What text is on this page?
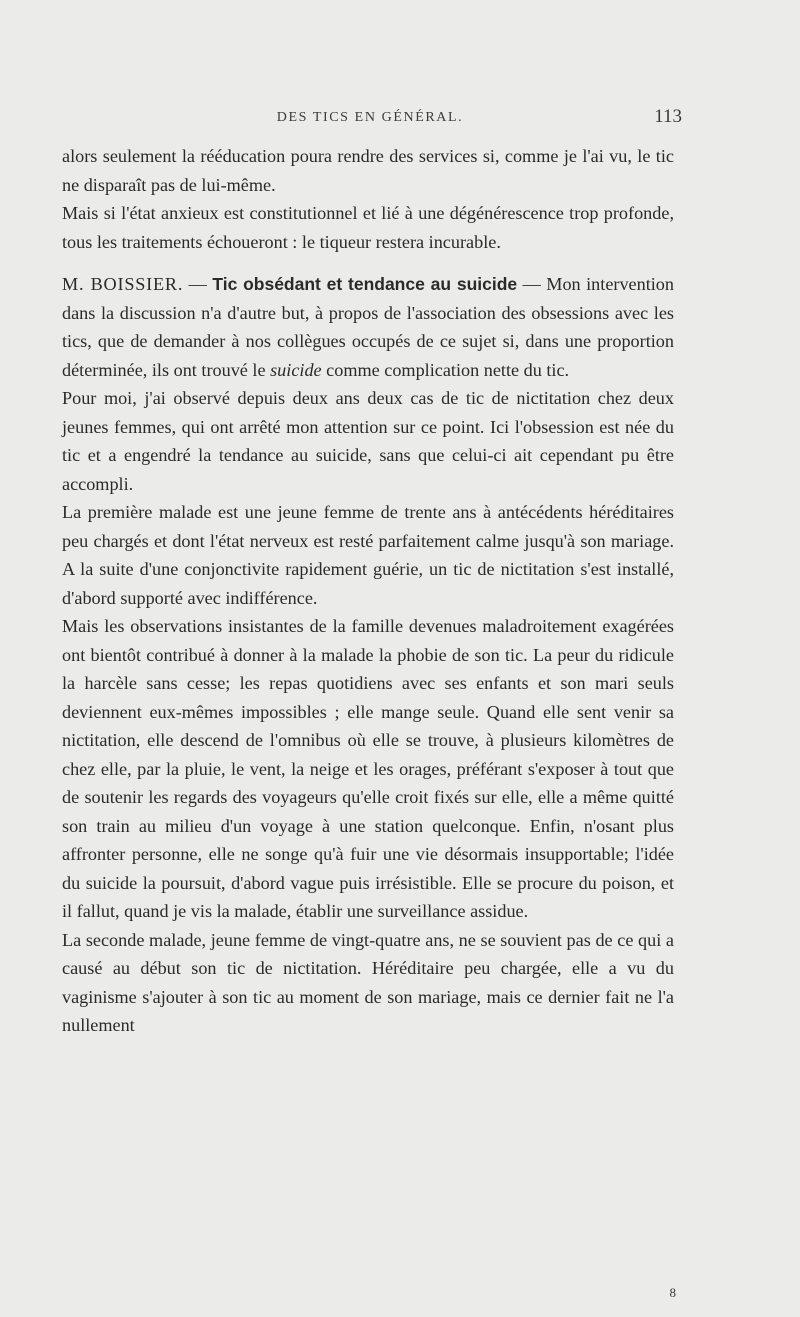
DES TICS EN GÉNÉRAL.	113

alors seulement la rééducation poura rendre des services si, comme je l'ai vu, le tic ne disparaît pas de lui-même.

Mais si l'état anxieux est constitutionnel et lié à une dégénérescence trop profonde, tous les traitements échoueront : le tiqueur restera incurable.

M. BOISSIER. — Tic obsédant et tendance au suicide — Mon intervention dans la discussion n'a d'autre but, à propos de l'association des obsessions avec les tics, que de demander à nos collègues occupés de ce sujet si, dans une proportion déterminée, ils ont trouvé le suicide comme complication nette du tic.

Pour moi, j'ai observé depuis deux ans deux cas de tic de nictitation chez deux jeunes femmes, qui ont arrêté mon attention sur ce point. Ici l'obsession est née du tic et a engendré la tendance au suicide, sans que celui-ci ait cependant pu être accompli.

La première malade est une jeune femme de trente ans à antécédents héréditaires peu chargés et dont l'état nerveux est resté parfaitement calme jusqu'à son mariage. A la suite d'une conjonctivite rapidement guérie, un tic de nictitation s'est installé, d'abord supporté avec indifférence.

Mais les observations insistantes de la famille devenues maladroitement exagérées ont bientôt contribué à donner à la malade la phobie de son tic. La peur du ridicule la harcèle sans cesse; les repas quotidiens avec ses enfants et son mari seuls deviennent eux-mêmes impossibles ; elle mange seule. Quand elle sent venir sa nictitation, elle descend de l'omnibus où elle se trouve, à plusieurs kilomètres de chez elle, par la pluie, le vent, la neige et les orages, préférant s'exposer à tout que de soutenir les regards des voyageurs qu'elle croit fixés sur elle, elle a même quitté son train au milieu d'un voyage à une station quelconque. Enfin, n'osant plus affronter personne, elle ne songe qu'à fuir une vie désormais insupportable; l'idée du suicide la poursuit, d'abord vague puis irrésistible. Elle se procure du poison, et il fallut, quand je vis la malade, établir une surveillance assidue.

La seconde malade, jeune femme de vingt-quatre ans, ne se souvient pas de ce qui a causé au début son tic de nictitation. Héréditaire peu chargée, elle a vu du vaginisme s'ajouter à son tic au moment de son mariage, mais ce dernier fait ne l'a nullement

8
